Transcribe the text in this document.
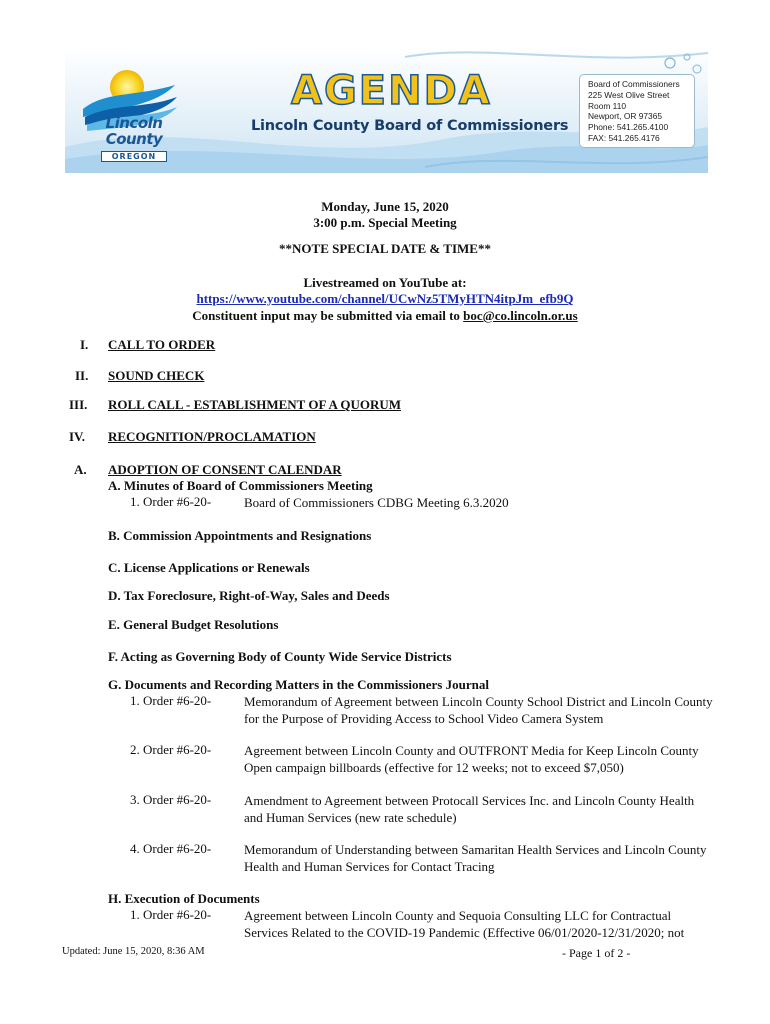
Lincoln County
OREGON
AGENDA
Lincoln County Board of Commissioners
Board of Commissioners
225 West Olive Street
Room 110
Newport, OR 97365
Phone: 541.265.4100
FAX: 541.265.4176
Monday, June 15, 2020
3:00 p.m. Special Meeting
**NOTE SPECIAL DATE & TIME**
Livestreamed on YouTube at:
https://www.youtube.com/channel/UCwNz5TMyHTN4itpJm_efb9Q
Constituent input may be submitted via email to boc@co.lincoln.or.us
I. CALL TO ORDER
II. SOUND CHECK
III. ROLL CALL - ESTABLISHMENT OF A QUORUM
IV. RECOGNITION/PROCLAMATION
A. ADOPTION OF CONSENT CALENDAR
A. Minutes of Board of Commissioners Meeting
1. Order #6-20-	Board of Commissioners CDBG Meeting 6.3.2020
B. Commission Appointments and Resignations
C. License Applications or Renewals
D. Tax Foreclosure, Right-of-Way, Sales and Deeds
E. General Budget Resolutions
F. Acting as Governing Body of County Wide Service Districts
G. Documents and Recording Matters in the Commissioners Journal
1. Order #6-20-	Memorandum of Agreement between Lincoln County School District and Lincoln County for the Purpose of Providing Access to School Video Camera System
2. Order #6-20-	Agreement between Lincoln County and OUTFRONT Media for Keep Lincoln County Open campaign billboards (effective for 12 weeks; not to exceed $7,050)
3. Order #6-20-	Amendment to Agreement between Protocall Services Inc. and Lincoln County Health and Human Services (new rate schedule)
4. Order #6-20-	Memorandum of Understanding between Samaritan Health Services and Lincoln County Health and Human Services for Contact Tracing
H. Execution of Documents
1. Order #6-20-	Agreement between Lincoln County and Sequoia Consulting LLC for Contractual Services Related to the COVID-19 Pandemic (Effective 06/01/2020-12/31/2020; not
Updated: June 15, 2020, 8:36 AM	- Page 1 of 2 -
